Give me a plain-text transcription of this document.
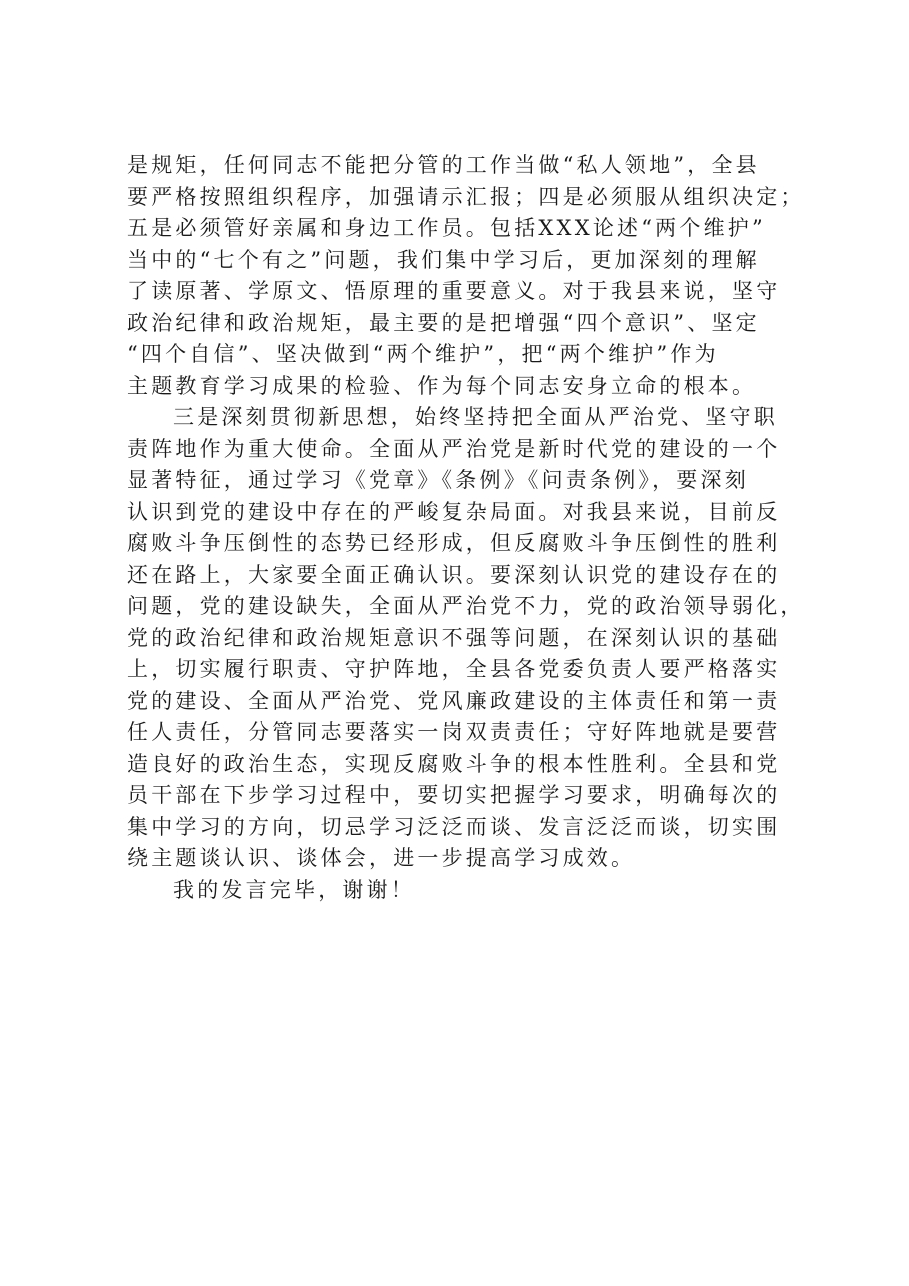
是规矩，任何同志不能把分管的工作当做“私人领地”，全县
要严格按照组织程序，加强请示汇报；四是必须服从组织决定；
五是必须管好亲属和身边工作员。包括XXX论述“两个维护”
当中的“七个有之”问题，我们集中学习后，更加深刻的理解
了读原著、学原文、悟原理的重要意义。对于我县来说，坚守
政治纪律和政治规矩，最主要的是把增强“四个意识”、坚定
“四个自信”、坚决做到“两个维护”，把“两个维护”作为
主题教育学习成果的检验、作为每个同志安身立命的根本。
三是深刻贯彻新思想，始终坚持把全面从严治党、坚守职
责阵地作为重大使命。全面从严治党是新时代党的建设的一个
显著特征，通过学习《党章》《条例》《问责条例》，要深刻
认识到党的建设中存在的严峻复杂局面。对我县来说，目前反
腐败斗争压倒性的态势已经形成，但反腐败斗争压倒性的胜利
还在路上，大家要全面正确认识。要深刻认识党的建设存在的
问题，党的建设缺失，全面从严治党不力，党的政治领导弱化，
党的政治纪律和政治规矩意识不强等问题，在深刻认识的基础
上，切实履行职责、守护阵地，全县各党委负责人要严格落实
党的建设、全面从严治党、党风廉政建设的主体责任和第一责
任人责任，分管同志要落实一岗双责责任；守好阵地就是要营
造良好的政治生态，实现反腐败斗争的根本性胜利。全县和党
员干部在下步学习过程中，要切实把握学习要求，明确每次的
集中学习的方向，切忌学习泛泛而谈、发言泛泛而谈，切实围
绕主题谈认识、谈体会，进一步提高学习成效。
我的发言完毕，谢谢！
